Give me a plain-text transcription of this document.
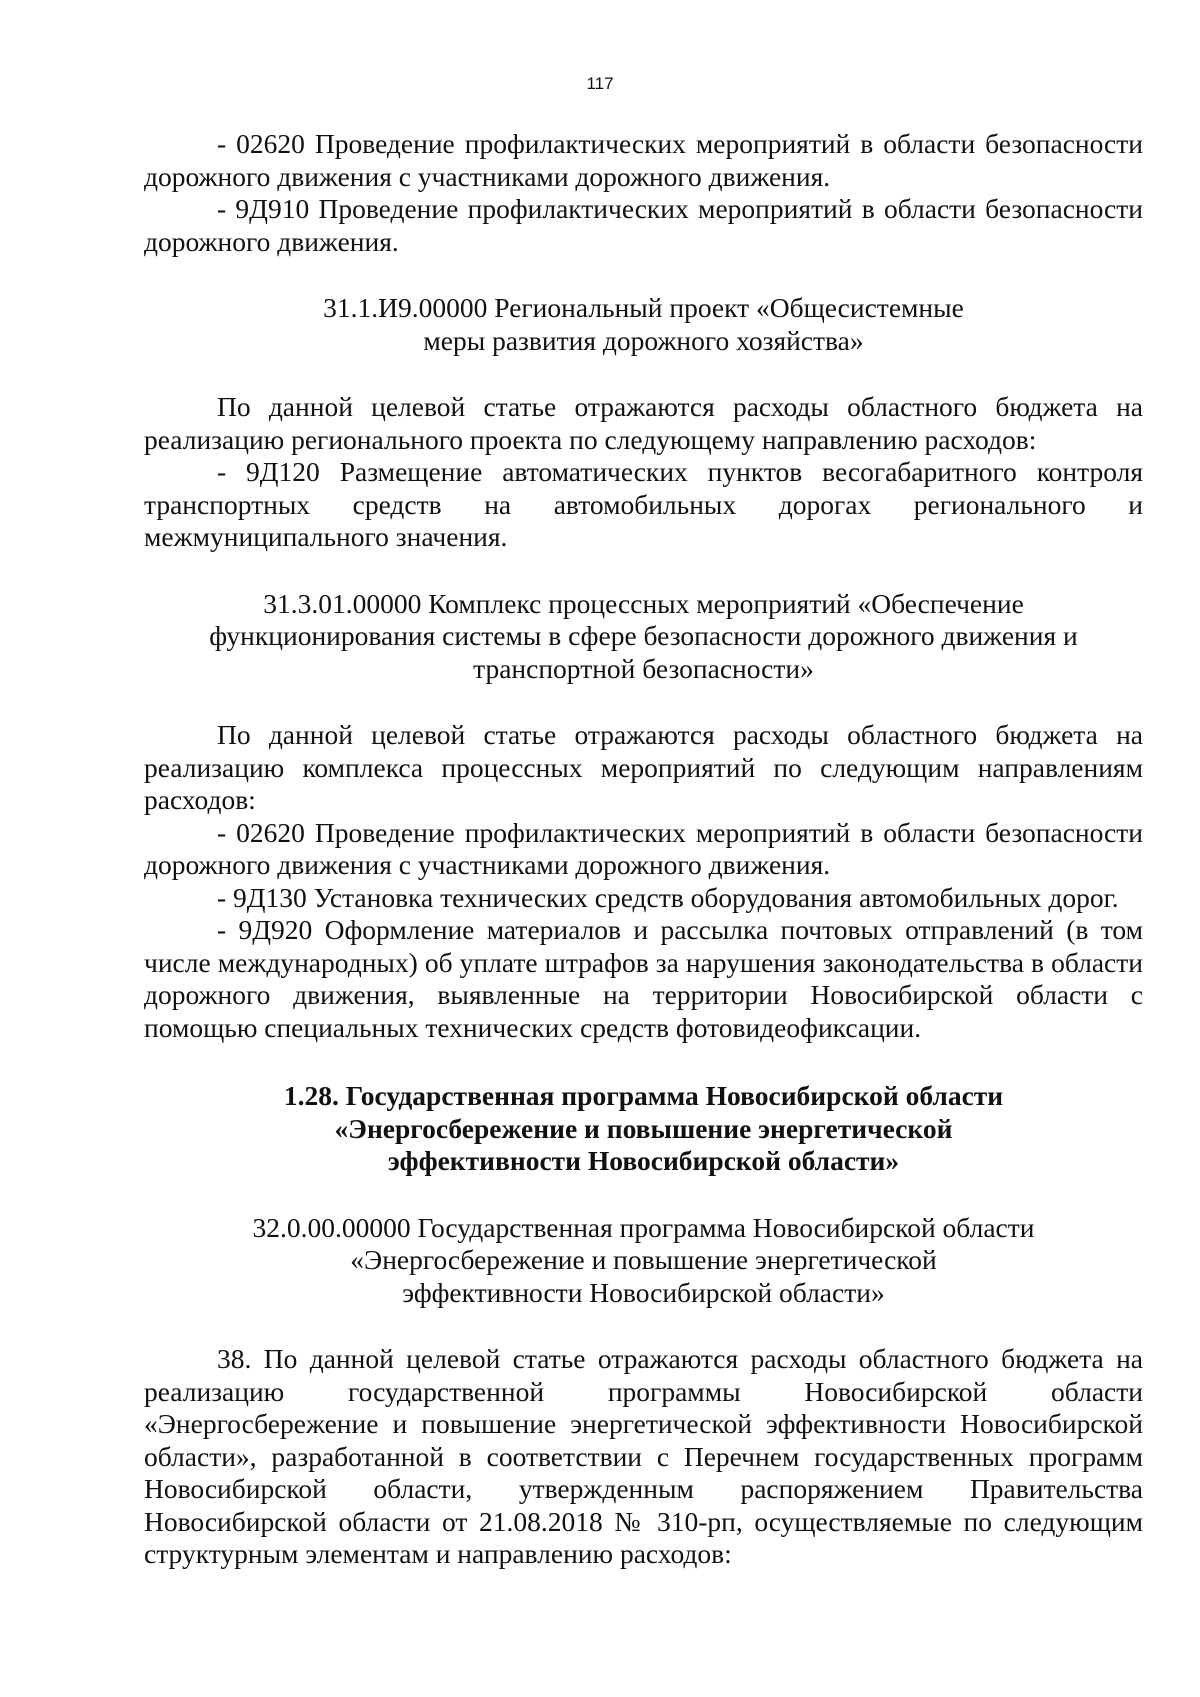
117

- 02620 Проведение профилактических мероприятий в области безопасности дорожного движения с участниками дорожного движения.

- 9Д910 Проведение профилактических мероприятий в области безопасности дорожного движения.

31.1.И9.00000 Региональный проект «Общесистемные
меры развития дорожного хозяйства»

По данной целевой статье отражаются расходы областного бюджета на реализацию регионального проекта по следующему направлению расходов:

- 9Д120 Размещение автоматических пунктов весогабаритного контроля транспортных средств на автомобильных дорогах регионального и межмуниципального значения.

31.3.01.00000 Комплекс процессных мероприятий «Обеспечение
функционирования системы в сфере безопасности дорожного движения и
транспортной безопасности»

По данной целевой статье отражаются расходы областного бюджета на реализацию комплекса процессных мероприятий по следующим направлениям расходов:

- 02620 Проведение профилактических мероприятий в области безопасности дорожного движения с участниками дорожного движения.

- 9Д130 Установка технических средств оборудования автомобильных дорог.

- 9Д920 Оформление материалов и рассылка почтовых отправлений (в том числе международных) об уплате штрафов за нарушения законодательства в области дорожного движения, выявленные на территории Новосибирской области с помощью специальных технических средств фотовидеофиксации.

1.28. Государственная программа Новосибирской области
«Энергосбережение и повышение энергетической
эффективности Новосибирской области»
32.0.00.00000 Государственная программа Новосибирской области
«Энергосбережение и повышение энергетической
эффективности Новосибирской области»

38. По данной целевой статье отражаются расходы областного бюджета на реализацию государственной программы Новосибирской области «Энергосбережение и повышение энергетической эффективности Новосибирской области», разработанной в соответствии с Перечнем государственных программ Новосибирской области, утвержденным распоряжением Правительства Новосибирской области от 21.08.2018 № 310-рп, осуществляемые по следующим структурным элементам и направлению расходов:
